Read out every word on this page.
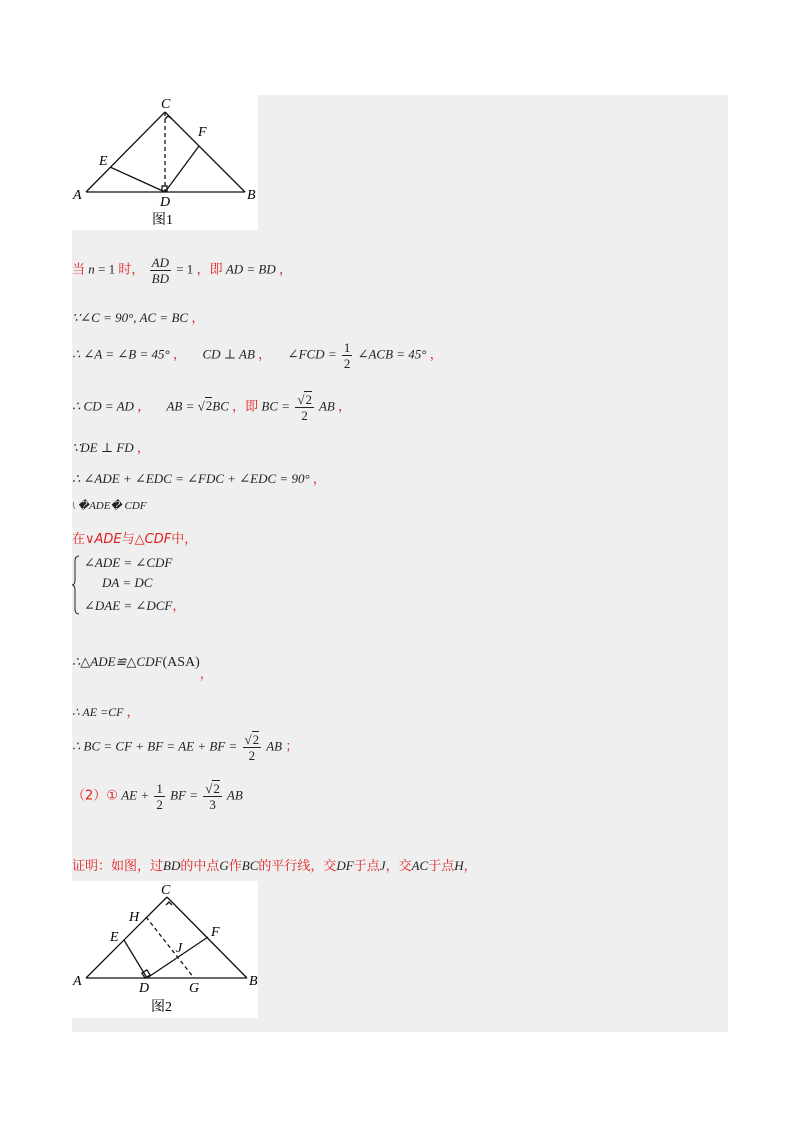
C
F
E
A	D	B
图1
当 n = 1 时， $\frac{AD}{BD} = 1$ ，即 AD = BD ，
∵∠C = 90°, AC = BC ，
∴ ∠A = ∠B = 45° ， CD ⊥ AB ， ∠FCD = $\frac{1}{2}$ ∠ACB = 45° ，
∴ CD = AD ， AB = √2BC ，即 BC = $\frac{√2}{2}$ AB ，
∵DE ⊥ FD ，
∴ ∠ADE + ∠EDC = ∠FDC + ∠EDC = 90° ，
\ �ADE� CDF
在∨ADE与△CDF中，
∠ADE = ∠CDF
DA = DC
∠DAE = ∠DCF，
∴△ADE≌△CDF(ASA)，
∴ AE =CF ，
∴ BC = CF + BF = AE + BF = $\frac{√2}{2}$ AB ；
（2）① AE + $\frac{1}{2}$ BF = $\frac{√2}{3}$ AB
证明：如图，过BD的中点G作BC的平行线，交DF于点J，交AC于点H，
C
H
F
E
J
A	D	G	B
图2
